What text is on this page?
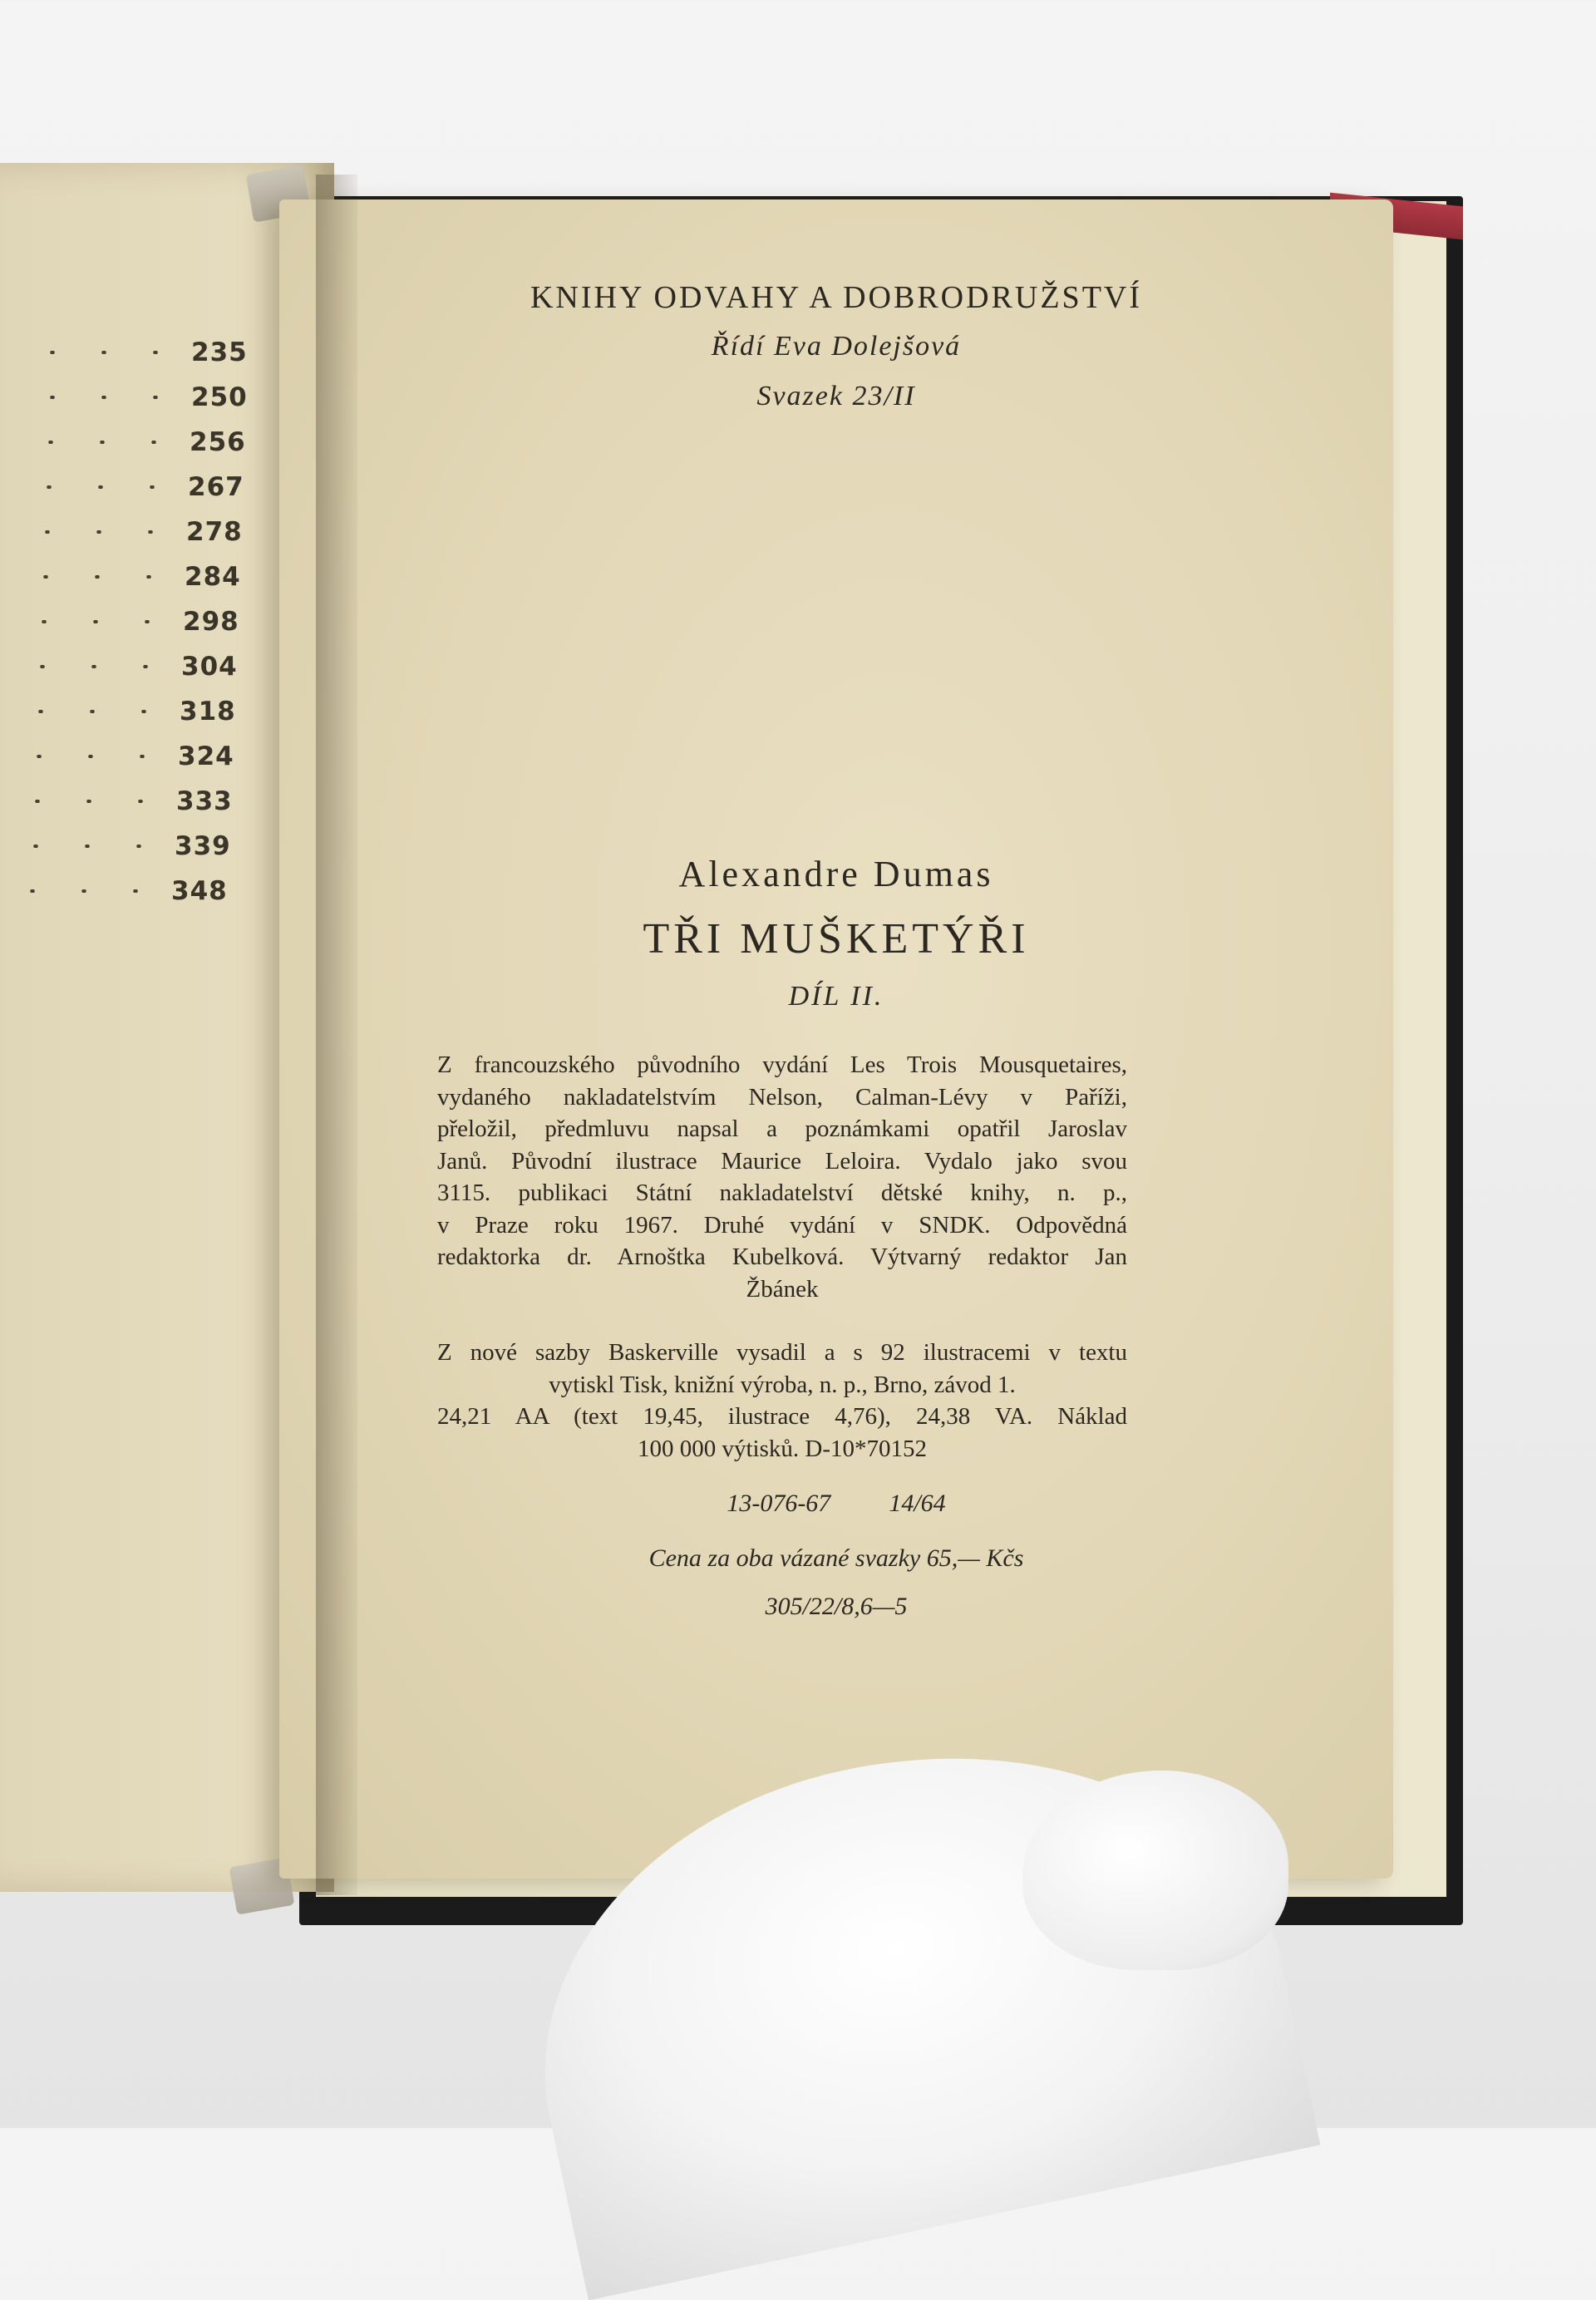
235
250
256
267
278
284
298
304
318
324
333
339
348
KNIHY ODVAHY A DOBRODRUŽSTVÍ
Řídí Eva Dolejšová
Svazek 23/II
Alexandre Dumas
TŘI MUŠKETÝŘI
DÍL II.
Z francouzského původního vydání Les Trois Mousquetaires,
vydaného nakladatelstvím Nelson, Calman-Lévy v Paříži,
přeložil, předmluvu napsal a poznámkami opatřil Jaroslav
Janů. Původní ilustrace Maurice Leloira. Vydalo jako svou
3115. publikaci Státní nakladatelství dětské knihy, n. p.,
v Praze roku 1967. Druhé vydání v SNDK. Odpovědná
redaktorka dr. Arnoštka Kubelková. Výtvarný redaktor Jan
Žbánek
Z nové sazby Baskerville vysadil a s 92 ilustracemi v textu
vytiskl Tisk, knižní výroba, n. p., Brno, závod 1.
24,21 AA (text 19,45, ilustrace 4,76), 24,38 VA. Náklad
100 000 výtisků. D-10*70152
13-076-67 14/64
Cena za oba vázané svazky 65,— Kčs
305/22/8,6—5
